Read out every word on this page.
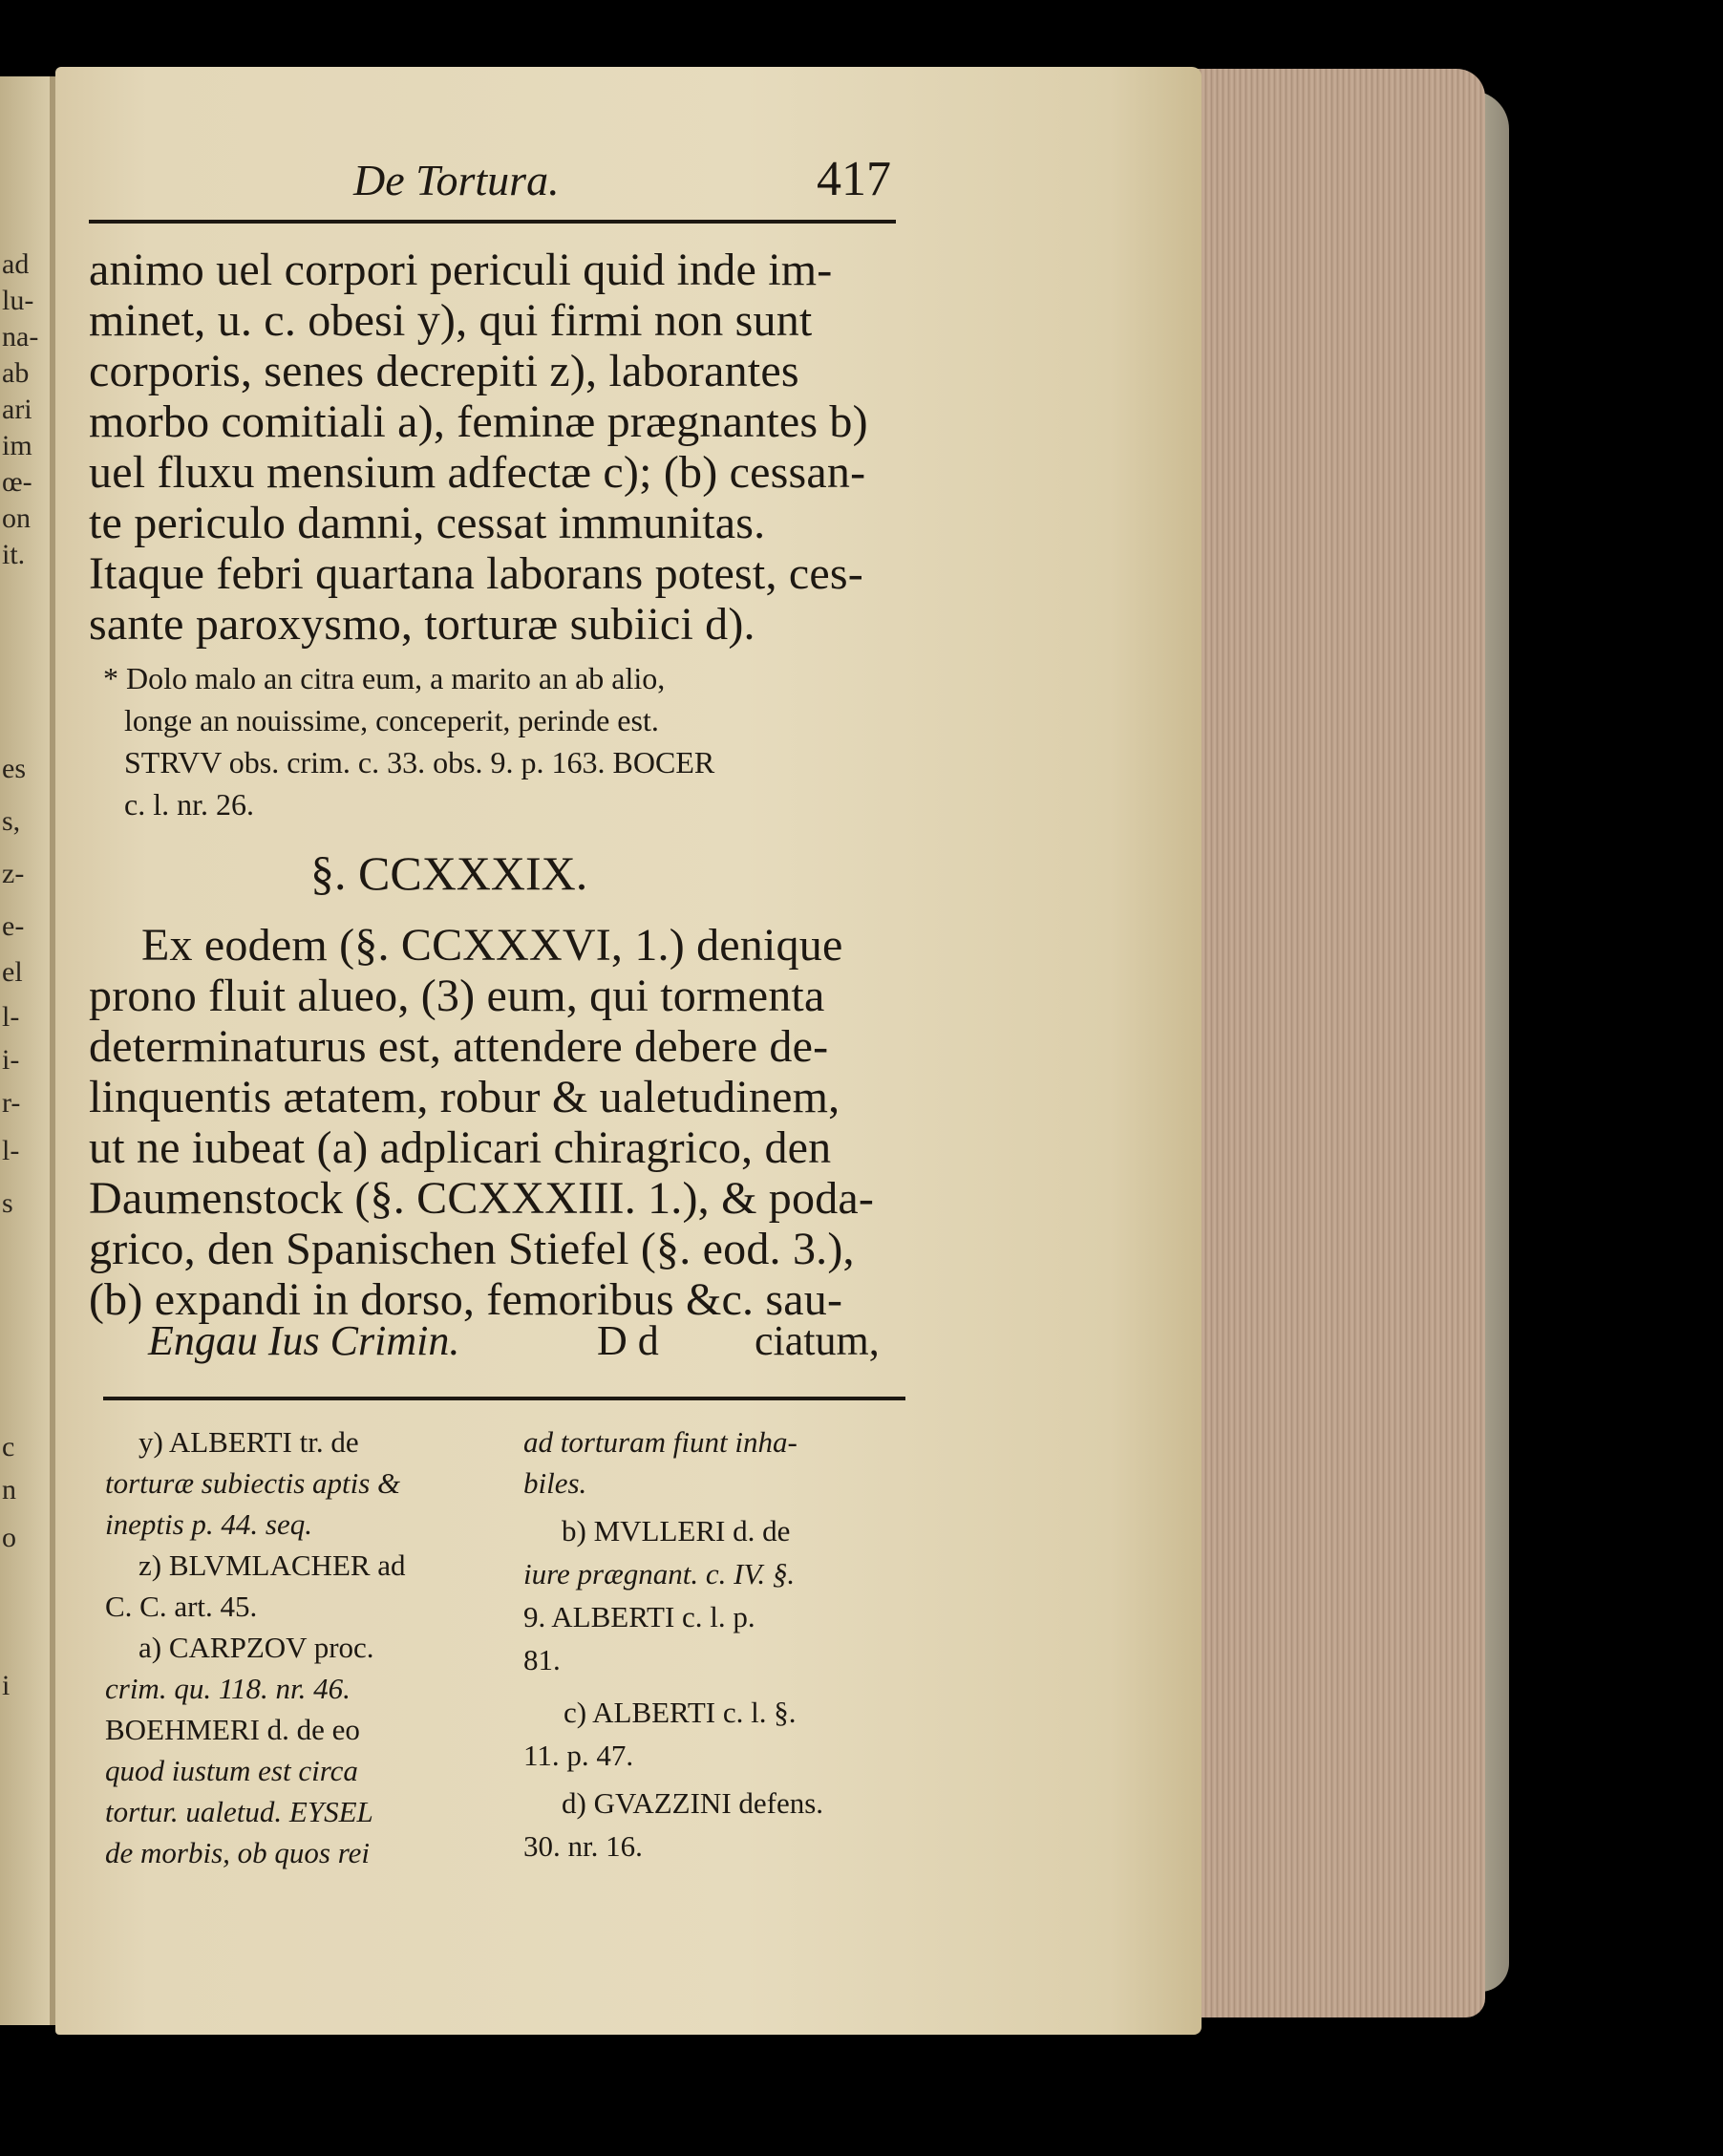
ad
lu-
na-
ab
ari
im
œ-
on
it.
es
s,
z-
e-
el
l-
i-
r-
l-
s
c
n
o
i
De Tortura.	417
animo uel corpori periculi quid inde im-
minet, u. c. obesi y), qui firmi non sunt
corporis, senes decrepiti z), laborantes
morbo comitiali a), feminæ prægnantes b)
uel fluxu mensium adfectæ c); (b) cessan-
te periculo damni, cessat immunitas.
Itaque febri quartana laborans potest, ces-
sante paroxysmo, torturæ subiici d).
* Dolo malo an citra eum, a marito an ab alio,
longe an nouissime, conceperit, perinde est.
STRVV obs. crim. c. 33. obs. 9. p. 163. BOCER
c. l. nr. 26.
§. CCXXXIX.
Ex eodem (§. CCXXXVI, 1.) denique
prono fluit alueo, (3) eum, qui tormenta
determinaturus est, attendere debere de-
linquentis ætatem, robur & ualetudinem,
ut ne iubeat (a) adplicari chiragrico, den
Daumenstock (§. CCXXXIII. 1.), & poda-
grico, den Spanischen Stiefel (§. eod. 3.),
(b) expandi in dorso, femoribus &c. sau-
Engau Ius Crimin.	D d ciatum,
y) ALBERTI tr. de
torturæ subiectis aptis &
ineptis p. 44. seq.
z) BLVMLACHER ad
C. C. art. 45.
a) CARPZOV proc.
crim. qu. 118. nr. 46.
BOEHMERI d. de eo
quod iustum est circa
tortur. ualetud. EYSEL
de morbis, ob quos rei
ad torturam fiunt inha-
biles.
b) MVLLERI d. de
iure prægnant. c. IV. §.
9. ALBERTI c. l. p.
81.
c) ALBERTI c. l. §.
11. p. 47.
d) GVAZZINI defens.
30. nr. 16.
